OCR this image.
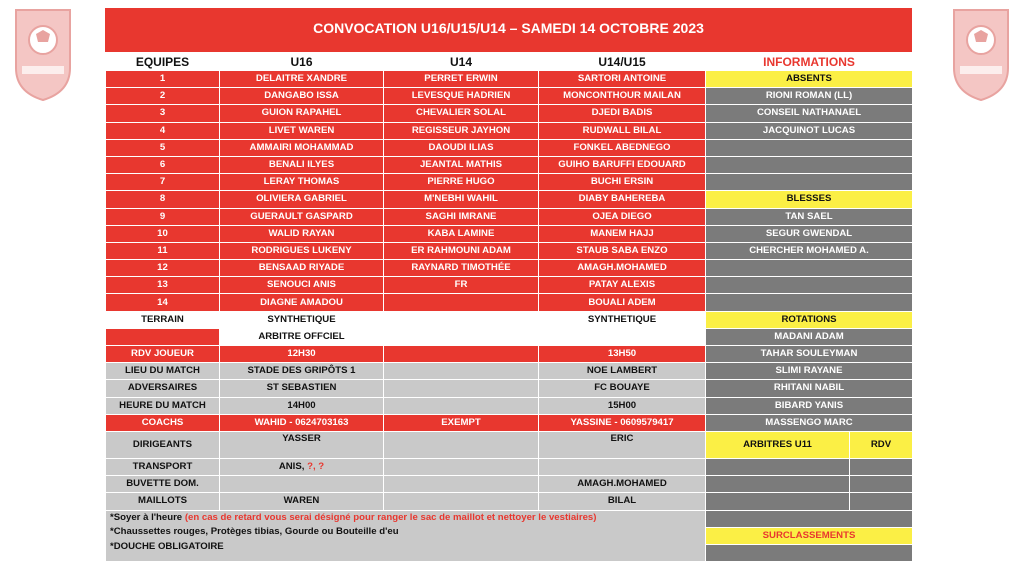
CONVOCATION U16/U15/U14 – SAMEDI 14 OCTOBRE 2023
EQUIPES	U16	U14	U14/U15	INFORMATIONS	
1	DELAITRE XANDRE	PERRET ERWIN	SARTORI ANTOINE	ABSENTS	
2	DANGABO ISSA	LEVESQUE HADRIEN	MONCONTHOUR MAILAN	RIONI ROMAN (LL)	
3	GUION RAPAHEL	CHEVALIER SOLAL	DJEDI BADIS	CONSEIL NATHANAEL	
4	LIVET WAREN	REGISSEUR JAYHON	RUDWALL BILAL	JACQUINOT LUCAS	
5	AMMAIRI MOHAMMAD	DAOUDI ILIAS	FONKEL ABEDNEGO		
6	BENALI ILYES	JEANTAL MATHIS	GUIHO BARUFFI EDOUARD		
7	LERAY THOMAS	PIERRE HUGO	BUCHI ERSIN		
8	OLIVIERA GABRIEL	M'NEBHI WAHIL	DIABY BAHEREBA	BLESSES	
9	GUERAULT GASPARD	SAGHI IMRANE	OJEA DIEGO	TAN SAEL	
10	WALID RAYAN	KABA LAMINE	MANEM HAJJ	SEGUR GWENDAL	
11	RODRIGUES LUKENY	ER RAHMOUNI ADAM	STAUB SABA ENZO	CHERCHER MOHAMED A.	
12	BENSAAD RIYADE	RAYNARD TIMOTHÉE	AMAGH.MOHAMED		
13	SENOUCI ANIS	FR	PATAY ALEXIS		
14	DIAGNE AMADOU		BOUALI ADEM		
TERRAIN	SYNTHETIQUE		SYNTHETIQUE	ROTATIONS	
	ARBITRE OFFCIEL			MADANI ADAM	
RDV JOUEUR	12H30		13H50	TAHAR SOULEYMAN	
LIEU DU MATCH	STADE DES GRIPÔTS 1		NOE LAMBERT	SLIMI RAYANE	
ADVERSAIRES	ST SEBASTIEN		FC BOUAYE	RHITANI NABIL	
HEURE DU MATCH	14H00		15H00	BIBARD YANIS	
COACHS	WAHID - 0624703163	EXEMPT	YASSINE - 0609579417	MASSENGO MARC	
DIRIGEANTS	YASSER		ERIC	ARBITRES U11	RDV
TRANSPORT	ANIS, ?, ?				
BUVETTE DOM.			AMAGH.MOHAMED		
MAILLOTS	WAREN		BILAL		

*Soyer à l'heure (en cas de retard vous serai désigné pour ranger le sac de maillot et nettoyer le vestiaires)
*Chaussettes rouges, Protèges tibias, Gourde ou Bouteille d'eu
*DOUCHE OBLIGATOIRE					

				SURCLASSEMENTS	
